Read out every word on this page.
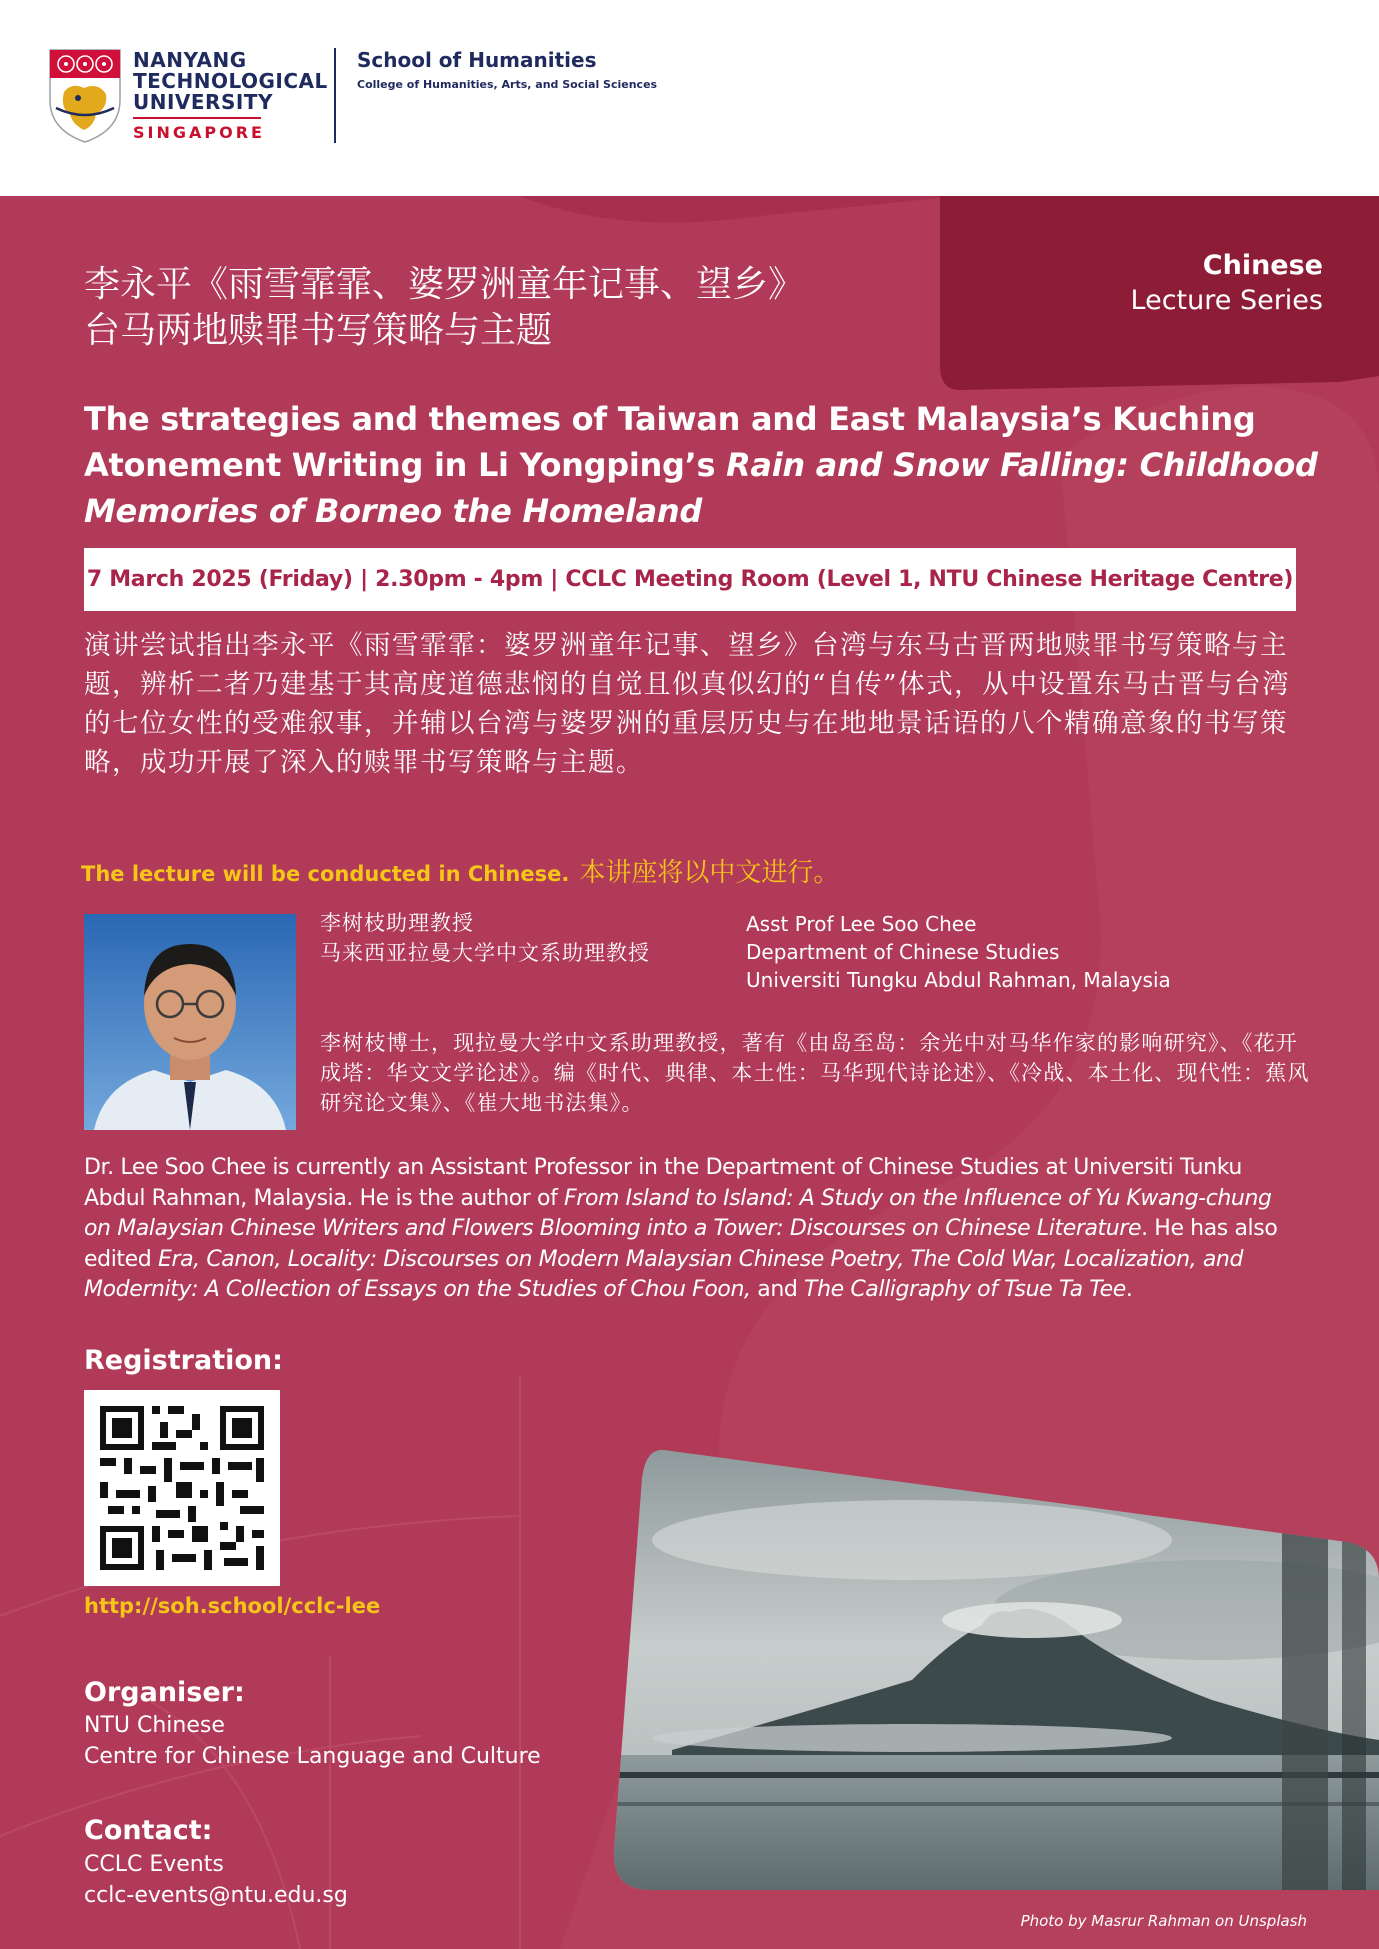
NANYANG
TECHNOLOGICAL
UNIVERSITY
SINGAPORE
School of Humanities
College of Humanities, Arts, and Social Sciences
Chinese
Lecture Series
李永平《雨雪霏霏、婆罗洲童年记事、望乡》
台马两地赎罪书写策略与主题
The strategies and themes of Taiwan and East Malaysia’s Kuching Atonement Writing in Li Yongping’s Rain and Snow Falling: Childhood Memories of Borneo the Homeland
7 March 2025 (Friday) | 2.30pm - 4pm | CCLC Meeting Room (Level 1, NTU Chinese Heritage Centre)
演讲尝试指出李永平《雨雪霏霏：婆罗洲童年记事、望乡》台湾与东马古晋两地赎罪书写策略与主题，辨析二者乃建基于其高度道德悲悯的自觉且似真似幻的“自传”体式，从中设置东马古晋与台湾的七位女性的受难叙事，并辅以台湾与婆罗洲的重层历史与在地地景话语的八个精确意象的书写策略，成功开展了深入的赎罪书写策略与主题。
The lecture will be conducted in Chinese. 本讲座将以中文进行。
李树枝助理教授
马来西亚拉曼大学中文系助理教授
Asst Prof Lee Soo Chee
Department of Chinese Studies
Universiti Tungku Abdul Rahman, Malaysia
李树枝博士，现拉曼大学中文系助理教授，著有《由岛至岛：余光中对马华作家的影响研究》、《花开成塔：华文文学论述》。编《时代、典律、本土性：马华现代诗论述》、《冷战、本土化、现代性：蕉风研究论文集》、《崔大地书法集》。
Dr. Lee Soo Chee is currently an Assistant Professor in the Department of Chinese Studies at Universiti Tunku Abdul Rahman, Malaysia. He is the author of From Island to Island: A Study on the Influence of Yu Kwang-chung on Malaysian Chinese Writers and Flowers Blooming into a Tower: Discourses on Chinese Literature. He has also edited Era, Canon, Locality: Discourses on Modern Malaysian Chinese Poetry, The Cold War, Localization, and Modernity: A Collection of Essays on the Studies of Chou Foon, and The Calligraphy of Tsue Ta Tee.
Registration:
http://soh.school/cclc-lee
Organiser:
NTU Chinese
Centre for Chinese Language and Culture
Contact:
CCLC Events
cclc-events@ntu.edu.sg
Photo by Masrur Rahman on Unsplash
